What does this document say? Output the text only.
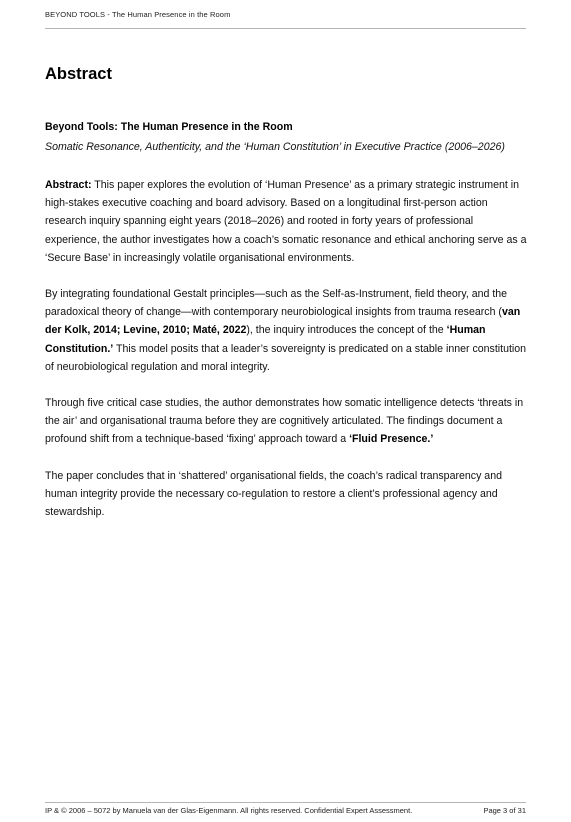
BEYOND TOOLS - The Human Presence in the Room
Abstract

Beyond Tools: The Human Presence in the Room

Somatic Resonance, Authenticity, and the ‘Human Constitution’ in Executive Practice (2006–2026)

Abstract: This paper explores the evolution of ‘Human Presence’ as a primary strategic instrument in high-stakes executive coaching and board advisory. Based on a longitudinal first-person action research inquiry spanning eight years (2018–2026) and rooted in forty years of professional experience, the author investigates how a coach’s somatic resonance and ethical anchoring serve as a ‘Secure Base’ in increasingly volatile organisational environments.

By integrating foundational Gestalt principles—such as the Self-as-Instrument, field theory, and the paradoxical theory of change—with contemporary neurobiological insights from trauma research (van der Kolk, 2014; Levine, 2010; Maté, 2022), the inquiry introduces the concept of the ‘Human Constitution.’ This model posits that a leader’s sovereignty is predicated on a stable inner constitution of neurobiological regulation and moral integrity.

Through five critical case studies, the author demonstrates how somatic intelligence detects ‘threats in the air’ and organisational trauma before they are cognitively articulated. The findings document a profound shift from a technique-based ‘fixing’ approach toward a ‘Fluid Presence.’

The paper concludes that in ‘shattered’ organisational fields, the coach’s radical transparency and human integrity provide the necessary co-regulation to restore a client’s professional agency and stewardship.

IP & © 2006 – 5072 by Manuela van der Glas-Eigenmann. All rights reserved. Confidential Expert Assessment.	Page 3 of 31
